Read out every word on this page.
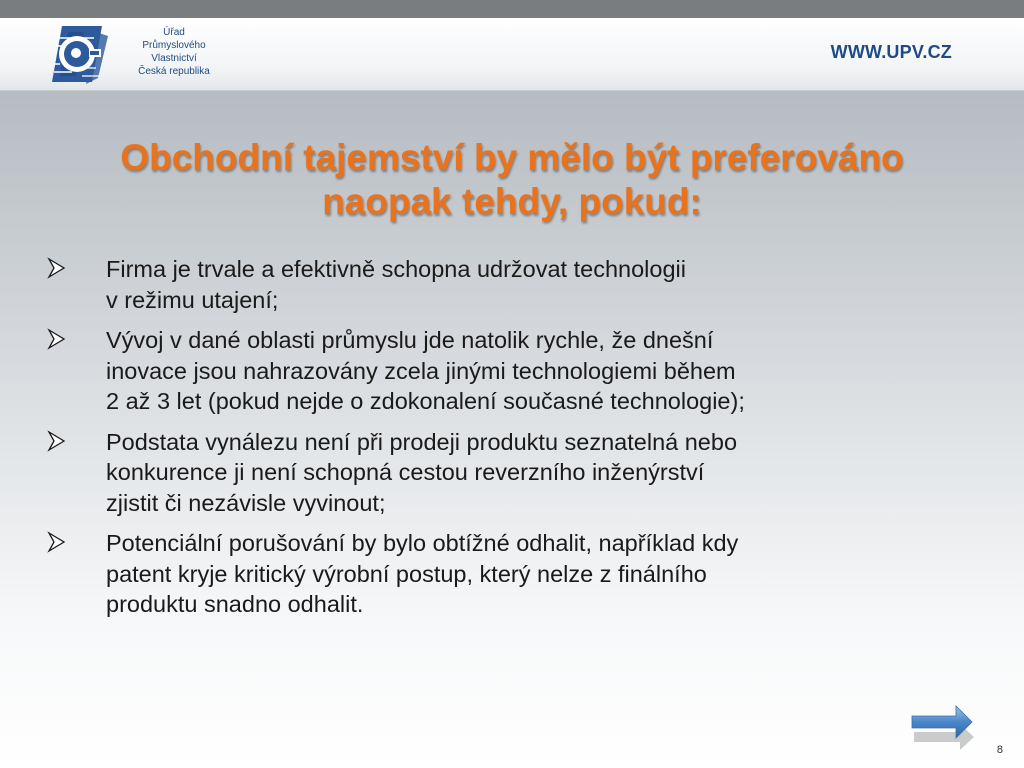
Úřad
Průmyslového
Vlastnictví
Česká republika
WWW.UPV.CZ
Obchodní tajemství by mělo být preferováno
naopak tehdy, pokud:
Firma je trvale a efektivně schopna udržovat technologii
v režimu utajení;
Vývoj v dané oblasti průmyslu jde natolik rychle, že dnešní
inovace jsou nahrazovány zcela jinými technologiemi během
2 až 3 let (pokud nejde o zdokonalení současné technologie);
Podstata vynálezu není při prodeji produktu seznatelná nebo
konkurence ji není schopná cestou reverzního inženýrství
zjistit či nezávisle vyvinout;
Potenciální porušování by bylo obtížné odhalit, například kdy
patent kryje kritický výrobní postup, který nelze z finálního
produktu snadno odhalit.
8
